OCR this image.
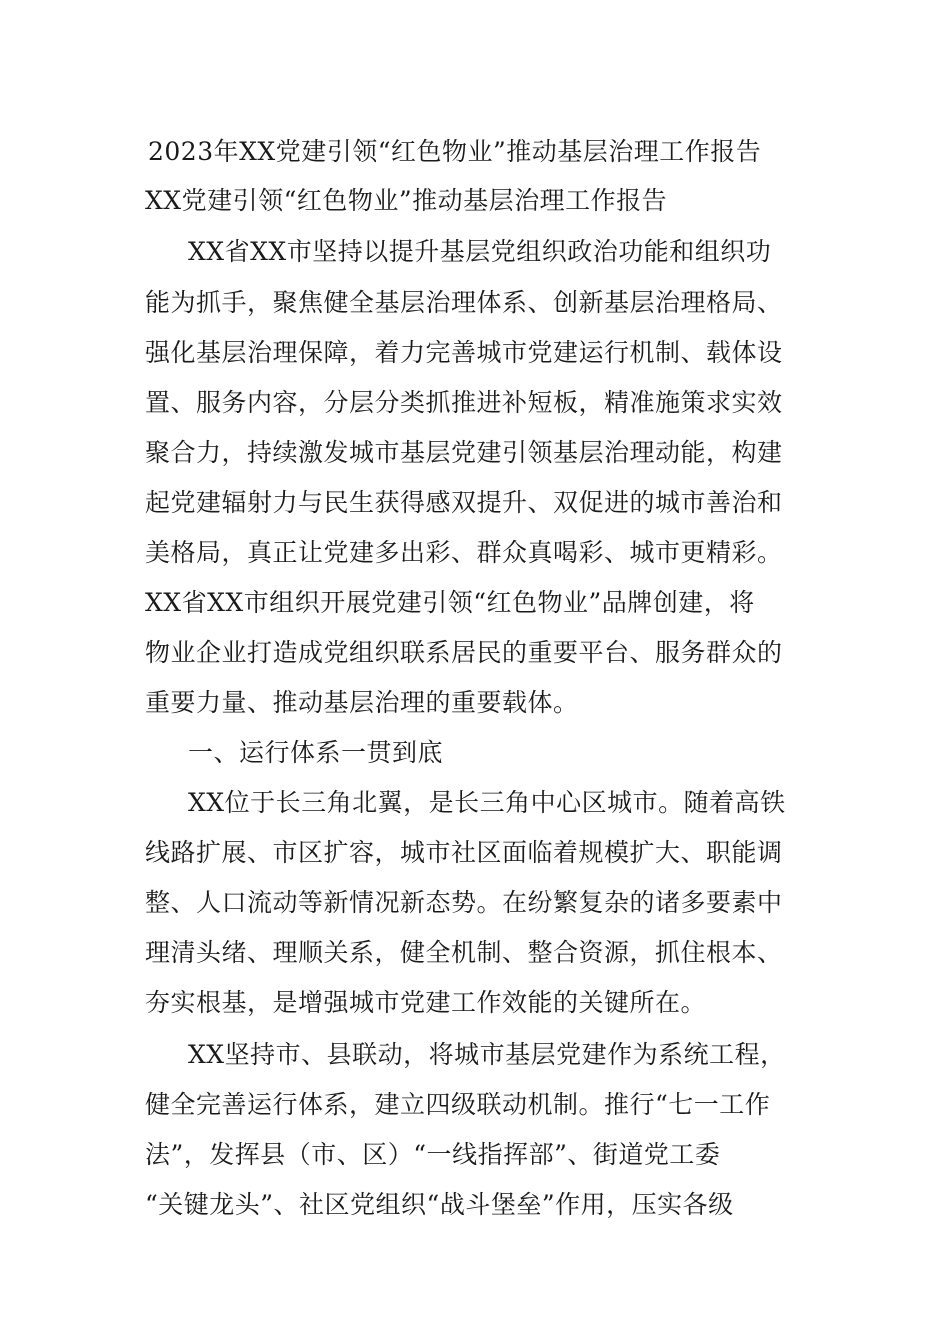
2023年XX党建引领“红色物业”推动基层治理工作报告
XX党建引领“红色物业”推动基层治理工作报告
XX省XX市坚持以提升基层党组织政治功能和组织功
能为抓手，聚焦健全基层治理体系、创新基层治理格局、
强化基层治理保障，着力完善城市党建运行机制、载体设
置、服务内容，分层分类抓推进补短板，精准施策求实效
聚合力，持续激发城市基层党建引领基层治理动能，构建
起党建辐射力与民生获得感双提升、双促进的城市善治和
美格局，真正让党建多出彩、群众真喝彩、城市更精彩。
XX省XX市组织开展党建引领“红色物业”品牌创建，将
物业企业打造成党组织联系居民的重要平台、服务群众的
重要力量、推动基层治理的重要载体。
一、运行体系一贯到底
XX位于长三角北翼，是长三角中心区城市。随着高铁
线路扩展、市区扩容，城市社区面临着规模扩大、职能调
整、人口流动等新情况新态势。在纷繁复杂的诸多要素中
理清头绪、理顺关系，健全机制、整合资源，抓住根本、
夯实根基，是增强城市党建工作效能的关键所在。
XX坚持市、县联动，将城市基层党建作为系统工程，
健全完善运行体系，建立四级联动机制。推行“七一工作
法”，发挥县（市、区）“一线指挥部”、街道党工委
“关键龙头”、社区党组织“战斗堡垒”作用，压实各级
